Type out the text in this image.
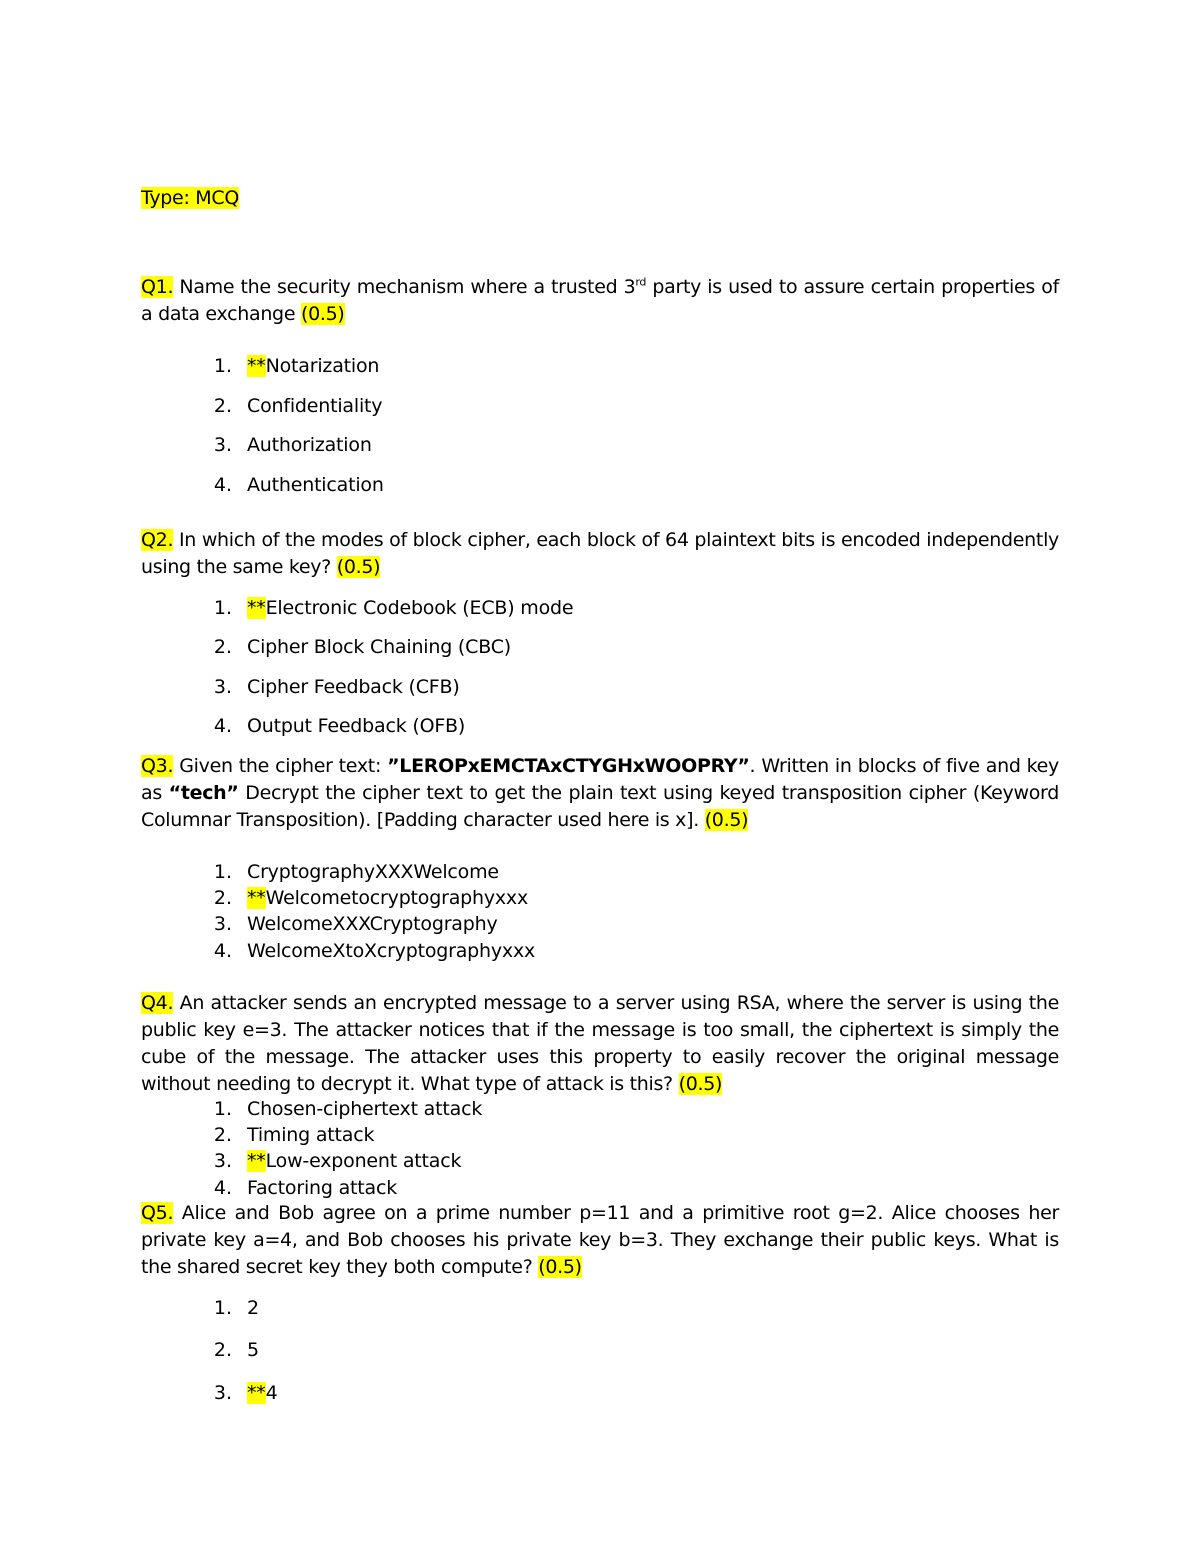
Type: MCQ
Q1. Name the security mechanism where a trusted 3rd party is used to assure certain properties of a data exchange (0.5)
1. **Notarization
2. Confidentiality
3. Authorization
4. Authentication
Q2. In which of the modes of block cipher, each block of 64 plaintext bits is encoded independently using the same key? (0.5)
1. **Electronic Codebook (ECB) mode
2. Cipher Block Chaining (CBC)
3. Cipher Feedback (CFB)
4. Output Feedback (OFB)
Q3. Given the cipher text: ”LEROPxEMCTAxCTYGHxWOOPRY”. Written in blocks of five and key as “tech” Decrypt the cipher text to get the plain text using keyed transposition cipher (Keyword Columnar Transposition). [Padding character used here is x]. (0.5)
1. CryptographyXXXWelcome
2. **Welcometocryptographyxxx
3. WelcomeXXXCryptography
4. WelcomeXtoXcryptographyxxx
Q4. An attacker sends an encrypted message to a server using RSA, where the server is using the public key e=3. The attacker notices that if the message is too small, the ciphertext is simply the cube of the message. The attacker uses this property to easily recover the original message without needing to decrypt it. What type of attack is this? (0.5)
1. Chosen-ciphertext attack
2. Timing attack
3. **Low-exponent attack
4. Factoring attack
Q5. Alice and Bob agree on a prime number p=11 and a primitive root g=2. Alice chooses her private key a=4, and Bob chooses his private key b=3. They exchange their public keys. What is the shared secret key they both compute? (0.5)
1. 2
2. 5
3. **4
